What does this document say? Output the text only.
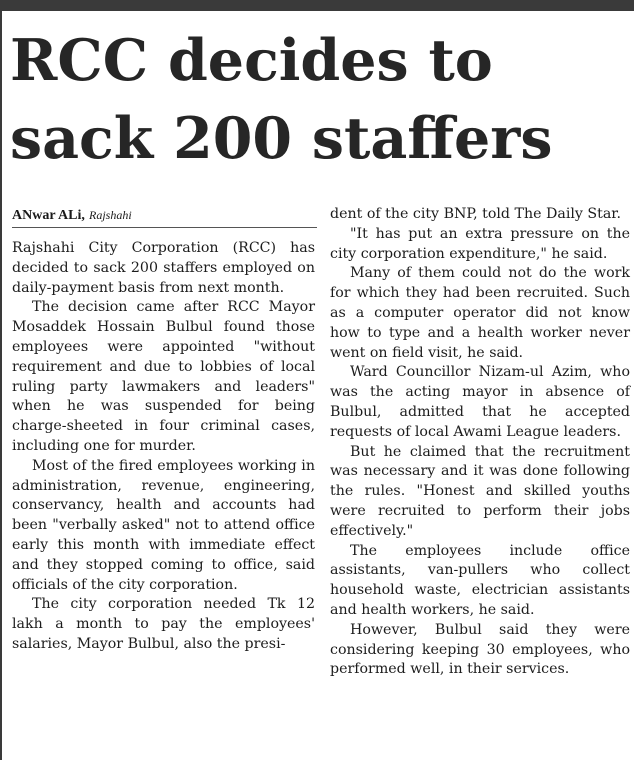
RCC decides to
sack 200 staffers
ANwar ALi, Rajshahi

Rajshahi City Corporation (RCC) has decided to sack 200 staffers employed on daily-payment basis from next month.

The decision came after RCC Mayor Mosaddek Hossain Bulbul found those employees were appointed "without requirement and due to lobbies of local ruling party lawmakers and leaders" when he was suspended for being charge-sheeted in four criminal cases, including one for murder.

Most of the fired employees working in administration, revenue, engineering, conservancy, health and accounts had been "verbally asked" not to attend office early this month with immediate effect and they stopped coming to office, said officials of the city corporation.

The city corporation needed Tk 12 lakh a month to pay the employees' salaries, Mayor Bulbul, also the presi-

dent of the city BNP, told The Daily Star.

"It has put an extra pressure on the city corporation expenditure," he said.

Many of them could not do the work for which they had been recruited. Such as a computer operator did not know how to type and a health worker never went on field visit, he said.

Ward Councillor Nizam-ul Azim, who was the acting mayor in absence of Bulbul, admitted that he accepted requests of local Awami League leaders.

But he claimed that the recruitment was necessary and it was done following the rules. "Honest and skilled youths were recruited to perform their jobs effectively."

The employees include office assistants, van-pullers who collect household waste, electrician assistants and health workers, he said.

However, Bulbul said they were considering keeping 30 employees, who performed well, in their services.
